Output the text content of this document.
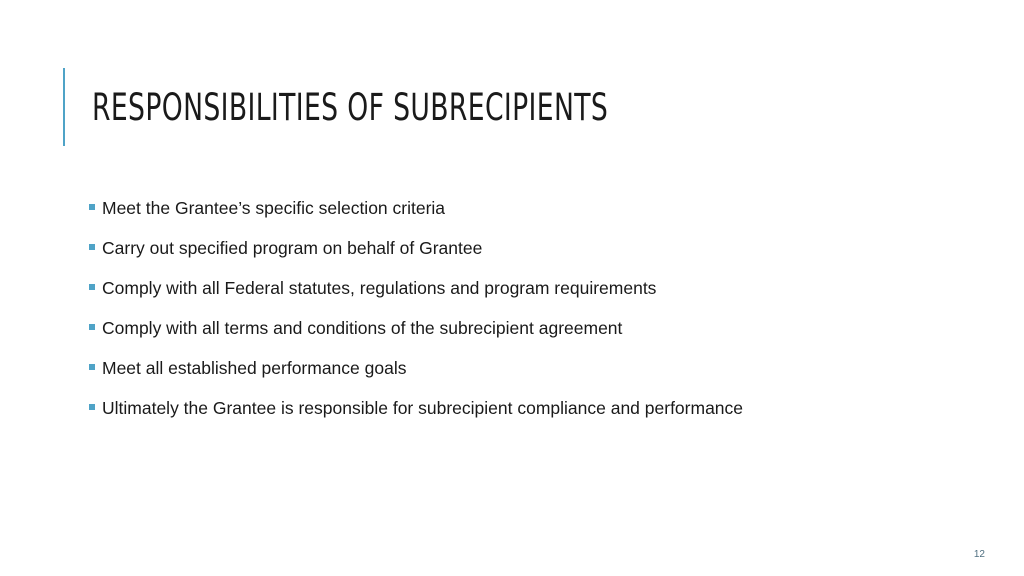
RESPONSIBILITIES OF SUBRECIPIENTS
Meet the Grantee’s specific selection criteria
Carry out specified program on behalf of Grantee
Comply with all Federal statutes, regulations and program requirements
Comply with all terms and conditions of the subrecipient agreement
Meet all established performance goals
Ultimately the Grantee is responsible for subrecipient compliance and performance
12
